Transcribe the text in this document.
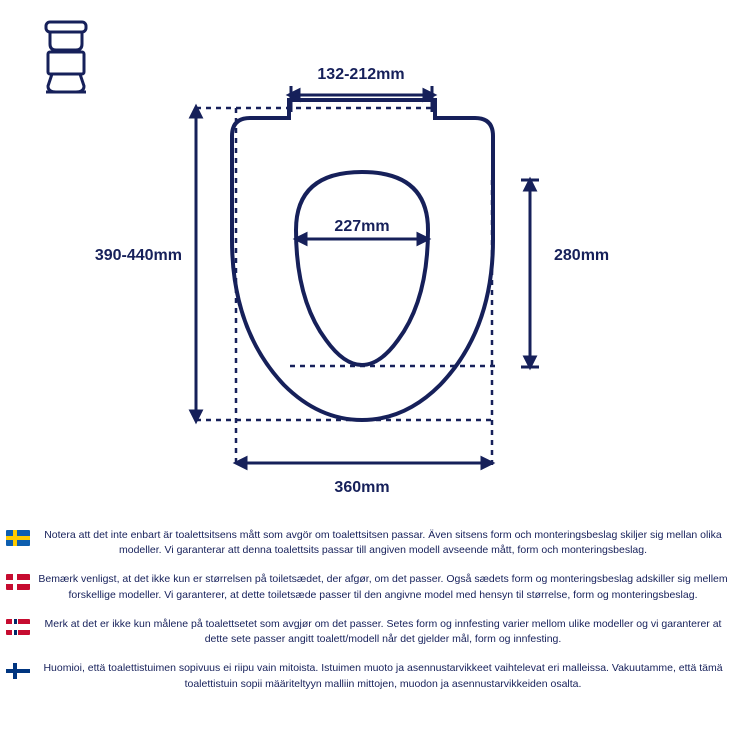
132-212mm
390-440mm
227mm
280mm
360mm
Notera att det inte enbart är toalettsitsens mått som avgör om toalettsitsen passar. Även sitsens form och monteringsbeslag skiljer sig mellan olika modeller. Vi garanterar att denna toalettsits passar till angiven modell avseende mått, form och monteringsbeslag.
Bemærk venligst, at det ikke kun er størrelsen på toiletsædet, der afgør, om det passer. Også sædets form og monteringsbeslag adskiller sig mellem forskellige modeller. Vi garanterer, at dette toiletsæde passer til den angivne model med hensyn til størrelse, form og monteringsbeslag.
Merk at det er ikke kun målene på toalettsetet som avgjør om det passer. Setes form og innfesting varier mellom ulike modeller og vi garanterer at dette sete passer angitt toalett/modell når det gjelder mål, form og innfesting.
Huomioi, että toalettistuimen sopivuus ei riipu vain mitoista. Istuimen muoto ja asennustarvikkeet vaihtelevat eri malleissa. Vakuutamme, että tämä toalettistuin sopii määriteltyyn malliin mittojen, muodon ja asennustarvikkeiden osalta.
